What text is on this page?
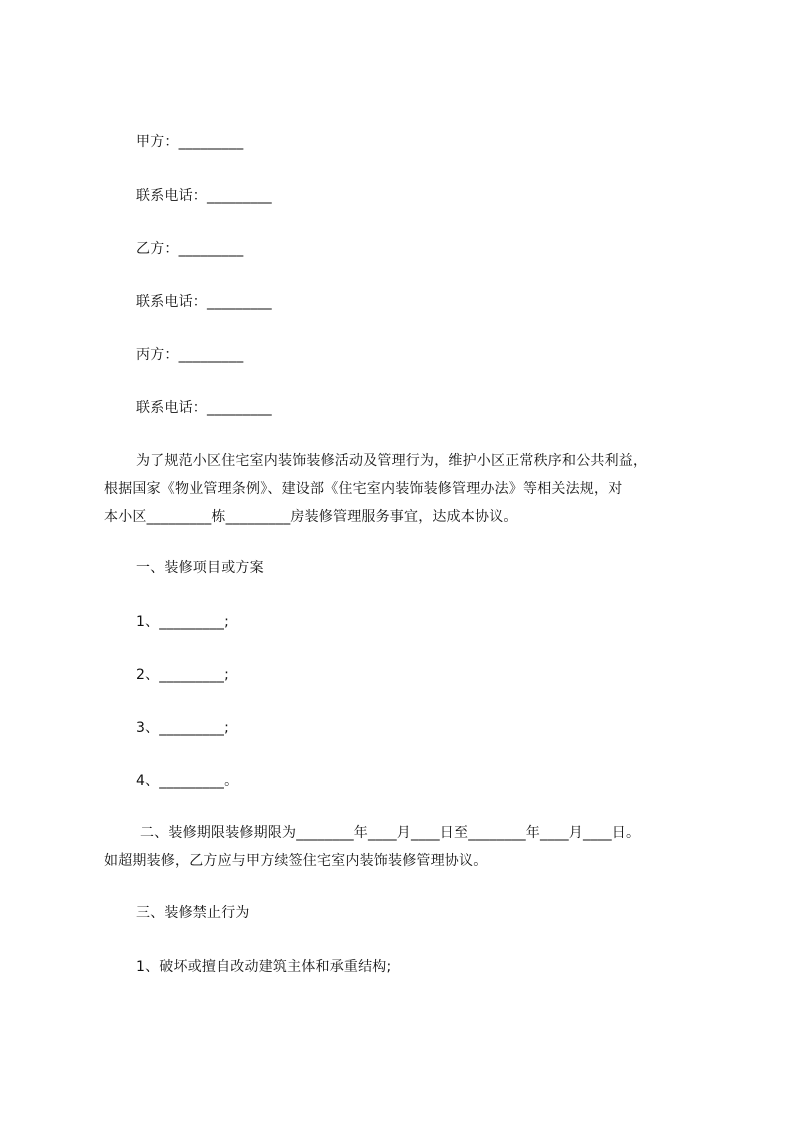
甲方：_________
联系电话：_________
乙方：_________
联系电话：_________
丙方：_________
联系电话：_________
为了规范小区住宅室内装饰装修活动及管理行为，维护小区正常秩序和公共利益，
根据国家《物业管理条例》、建设部《住宅室内装饰装修管理办法》等相关法规，对
本小区_________栋_________房装修管理服务事宜，达成本协议。
一、装修项目或方案
1、_________;
2、_________;
3、_________;
4、_________。
二、装修期限装修期限为________年____月____日至________年____月____日。
如超期装修，乙方应与甲方续签住宅室内装饰装修管理协议。
三、装修禁止行为
1、破坏或擅自改动建筑主体和承重结构;
